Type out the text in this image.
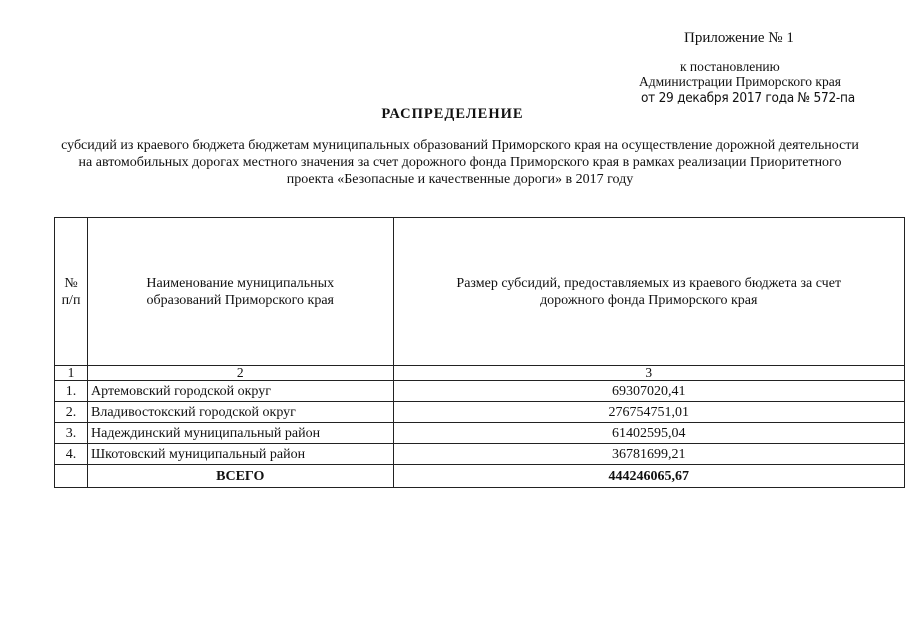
Приложение № 1
к постановлению
Администрации Приморского края
от 29 декабря 2017 года № 572-па
РАСПРЕДЕЛЕНИЕ
субсидий из краевого бюджета бюджетам муниципальных образований Приморского края на осуществление дорожной деятельности на автомобильных дорогах местного значения за счет дорожного фонда Приморского края в рамках реализации Приоритетного проекта «Безопасные и качественные дороги» в 2017 году
№
п/п	Наименование муниципальных образований Приморского края	Размер субсидий, предоставляемых из краевого бюджета за счет дорожного фонда Приморского края
1	2	3
1.	Артемовский городской округ	69307020,41
2.	Владивостокский городской округ	276754751,01
3.	Надеждинский муниципальный район	61402595,04
4.	Шкотовский муниципальный район	36781699,21
	ВСЕГО	444246065,67
